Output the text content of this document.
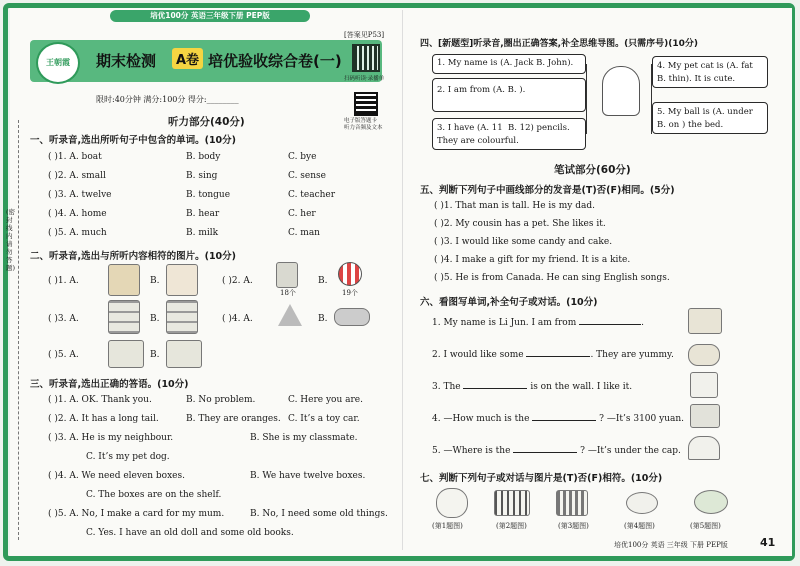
培优100分 英语三年级下册 PEP版
王朝霞	期末检测	A卷 培优验收综合卷(一)
[答案见P53]
扫码听读·录播单
电子版答题卡
听力音频及文本
限时:40分钟 满分:100分 得分:________
(密封线内请勿答题)
听力部分(40分)
一、听录音,选出所听句子中包含的单词。(10分)
( )1. A. boat	B. body	C. bye
( )2. A. small	B. sing	C. sense
( )3. A. twelve	B. tongue	C. teacher
( )4. A. home	B. hear	C. her
( )5. A. much	B. milk	C. man
二、听录音,选出与所听内容相符的图片。(10分)
( )1. A.	B.	( )2. A.
18个
B.
19个
( )3. A.	B.	( )4. A.	B.
( )5. A.	B.
三、听录音,选出正确的答语。(10分)
( )1. A. OK. Thank you.	B. No problem.	C. Here you are.
( )2. A. It has a long tail.	B. They are oranges. C. It’s a toy car.
( )3. A. He is my neighbour.	B. She is my classmate.
C. It’s my pet dog.
( )4. A. We need eleven boxes.	B. We have twelve boxes.
C. The boxes are on the shelf.
( )5. A. No, I make a card for my mum.	B. No, I need some old things.
C. Yes. I have an old doll and some old books.
四、[新题型]听录音,圈出正确答案,补全思维导图。(只需序号)(10分)
1. My name is (A. Jack B. John).
2. I am from (A. B. ).
3. I have (A. 11  B. 12) pencils.
They are colourful.
4. My pet cat is (A. fat
B. thin). It is cute.
5. My ball is (A. under
B. on ) the bed.
笔试部分(60分)
五、判断下列句子中画线部分的发音是(T)否(F)相同。(5分)
( )1. That man is tall. He is my dad.
( )2. My cousin has a pet. She likes it.
( )3. I would like some candy and cake.
( )4. I make a gift for my friend. It is a kite.
( )5. He is from Canada. He can sing English songs.
六、看图写单词,补全句子或对话。(10分)
1. My name is Li Jun. I am from	.
2. I would like some	. They are yummy.
3. The	is on the wall. I like it.
4. —How much is the	? —It’s 3100 yuan.
5. —Where is the	? —It’s under the cap.
七、判断下列句子或对话与图片是(T)否(F)相符。(10分)
(第1题图)	(第2题图)	(第3题图)	(第4题图)	(第5题图)
培优100分 英语 三年级 下册 PEP版	41
